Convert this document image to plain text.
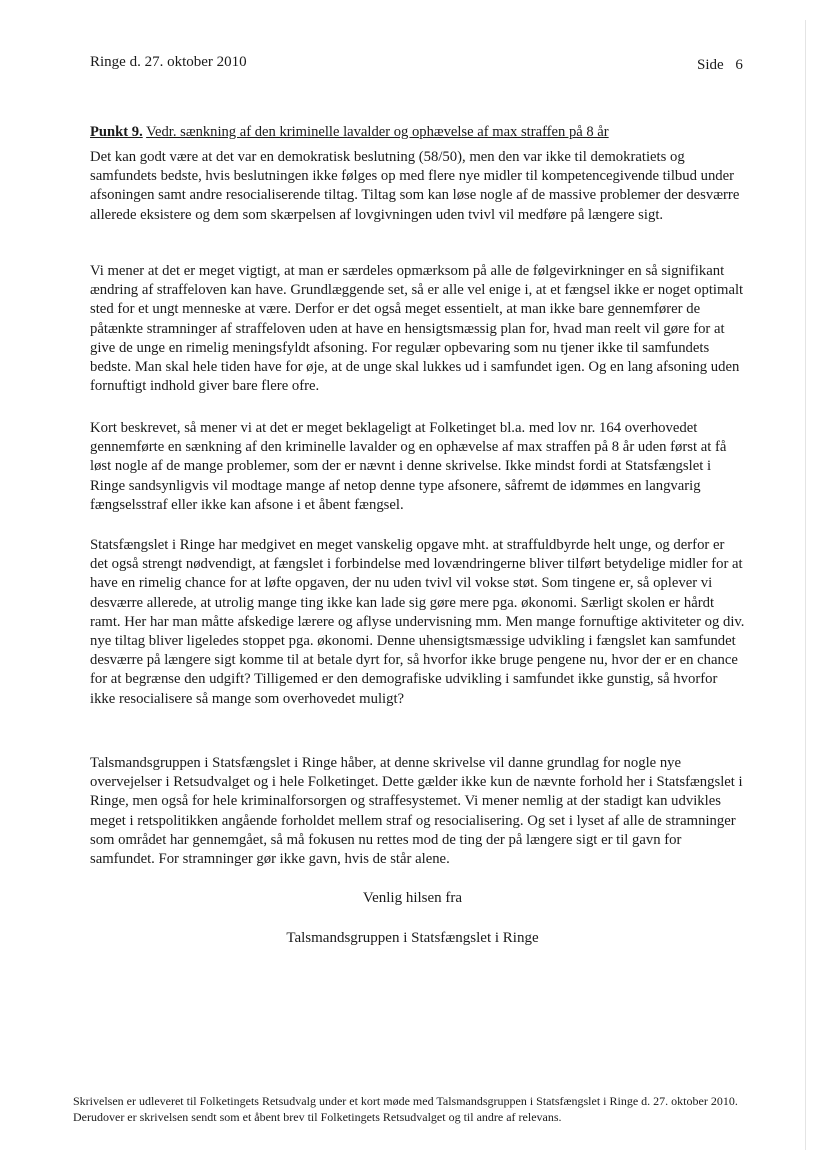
Ringe d. 27. oktober 2010	Side 6
Punkt 9. Vedr. sænkning af den kriminelle lavalder og ophævelse af max straffen på 8 år

Det kan godt være at det var en demokratisk beslutning (58/50), men den var ikke til demokratiets og samfundets bedste, hvis beslutningen ikke følges op med flere nye midler til kompetencegivende tilbud under afsoningen samt andre resocialiserende tiltag. Tiltag som kan løse nogle af de massive problemer der desværre allerede eksistere og dem som skærpelsen af lovgivningen uden tvivl vil medføre på længere sigt.

Vi mener at det er meget vigtigt, at man er særdeles opmærksom på alle de følgevirkninger en så signifikant ændring af straffeloven kan have. Grundlæggende set, så er alle vel enige i, at et fængsel ikke er noget optimalt sted for et ungt menneske at være. Derfor er det også meget essentielt, at man ikke bare gennemfører de påtænkte stramninger af straffeloven uden at have en hensigtsmæssig plan for, hvad man reelt vil gøre for at give de unge en rimelig meningsfyldt afsoning. For regulær opbevaring som nu tjener ikke til samfundets bedste. Man skal hele tiden have for øje, at de unge skal lukkes ud i samfundet igen. Og en lang afsoning uden fornuftigt indhold giver bare flere ofre.

Kort beskrevet, så mener vi at det er meget beklageligt at Folketinget bl.a. med lov nr. 164 overhovedet gennemførte en sænkning af den kriminelle lavalder og en ophævelse af max straffen på 8 år uden først at få løst nogle af de mange problemer, som der er nævnt i denne skrivelse. Ikke mindst fordi at Statsfængslet i Ringe sandsynligvis vil modtage mange af netop denne type afsonere, såfremt de idømmes en langvarig fængselsstraf eller ikke kan afsone i et åbent fængsel.

Statsfængslet i Ringe har medgivet en meget vanskelig opgave mht. at straffuldbyrde helt unge, og derfor er det også strengt nødvendigt, at fængslet i forbindelse med lovændringerne bliver tilført betydelige midler for at have en rimelig chance for at løfte opgaven, der nu uden tvivl vil vokse støt. Som tingene er, så oplever vi desværre allerede, at utrolig mange ting ikke kan lade sig gøre mere pga. økonomi. Særligt skolen er hårdt ramt. Her har man måtte afskedige lærere og aflyse undervisning mm. Men mange fornuftige aktiviteter og div. nye tiltag bliver ligeledes stoppet pga. økonomi. Denne uhensigtsmæssige udvikling i fængslet kan samfundet desværre på længere sigt komme til at betale dyrt for, så hvorfor ikke bruge pengene nu, hvor der er en chance for at begrænse den udgift? Tilligemed er den demografiske udvikling i samfundet ikke gunstig, så hvorfor ikke resocialisere så mange som overhovedet muligt?

Talsmandsgruppen i Statsfængslet i Ringe håber, at denne skrivelse vil danne grundlag for nogle nye overvejelser i Retsudvalget og i hele Folketinget. Dette gælder ikke kun de nævnte forhold her i Statsfængslet i Ringe, men også for hele kriminalforsorgen og straffesystemet. Vi mener nemlig at der stadigt kan udvikles meget i retspolitikken angående forholdet mellem straf og resocialisering. Og set i lyset af alle de stramninger som området har gennemgået, så må fokusen nu rettes mod de ting der på længere sigt er til gavn for samfundet. For stramninger gør ikke gavn, hvis de står alene.

Venlig hilsen fra
Talsmandsgruppen i Statsfængslet i Ringe
Skrivelsen er udleveret til Folketingets Retsudvalg under et kort møde med Talsmandsgruppen i Statsfængslet i Ringe d. 27. oktober 2010. Derudover er skrivelsen sendt som et åbent brev til Folketingets Retsudvalget og til andre af relevans.
